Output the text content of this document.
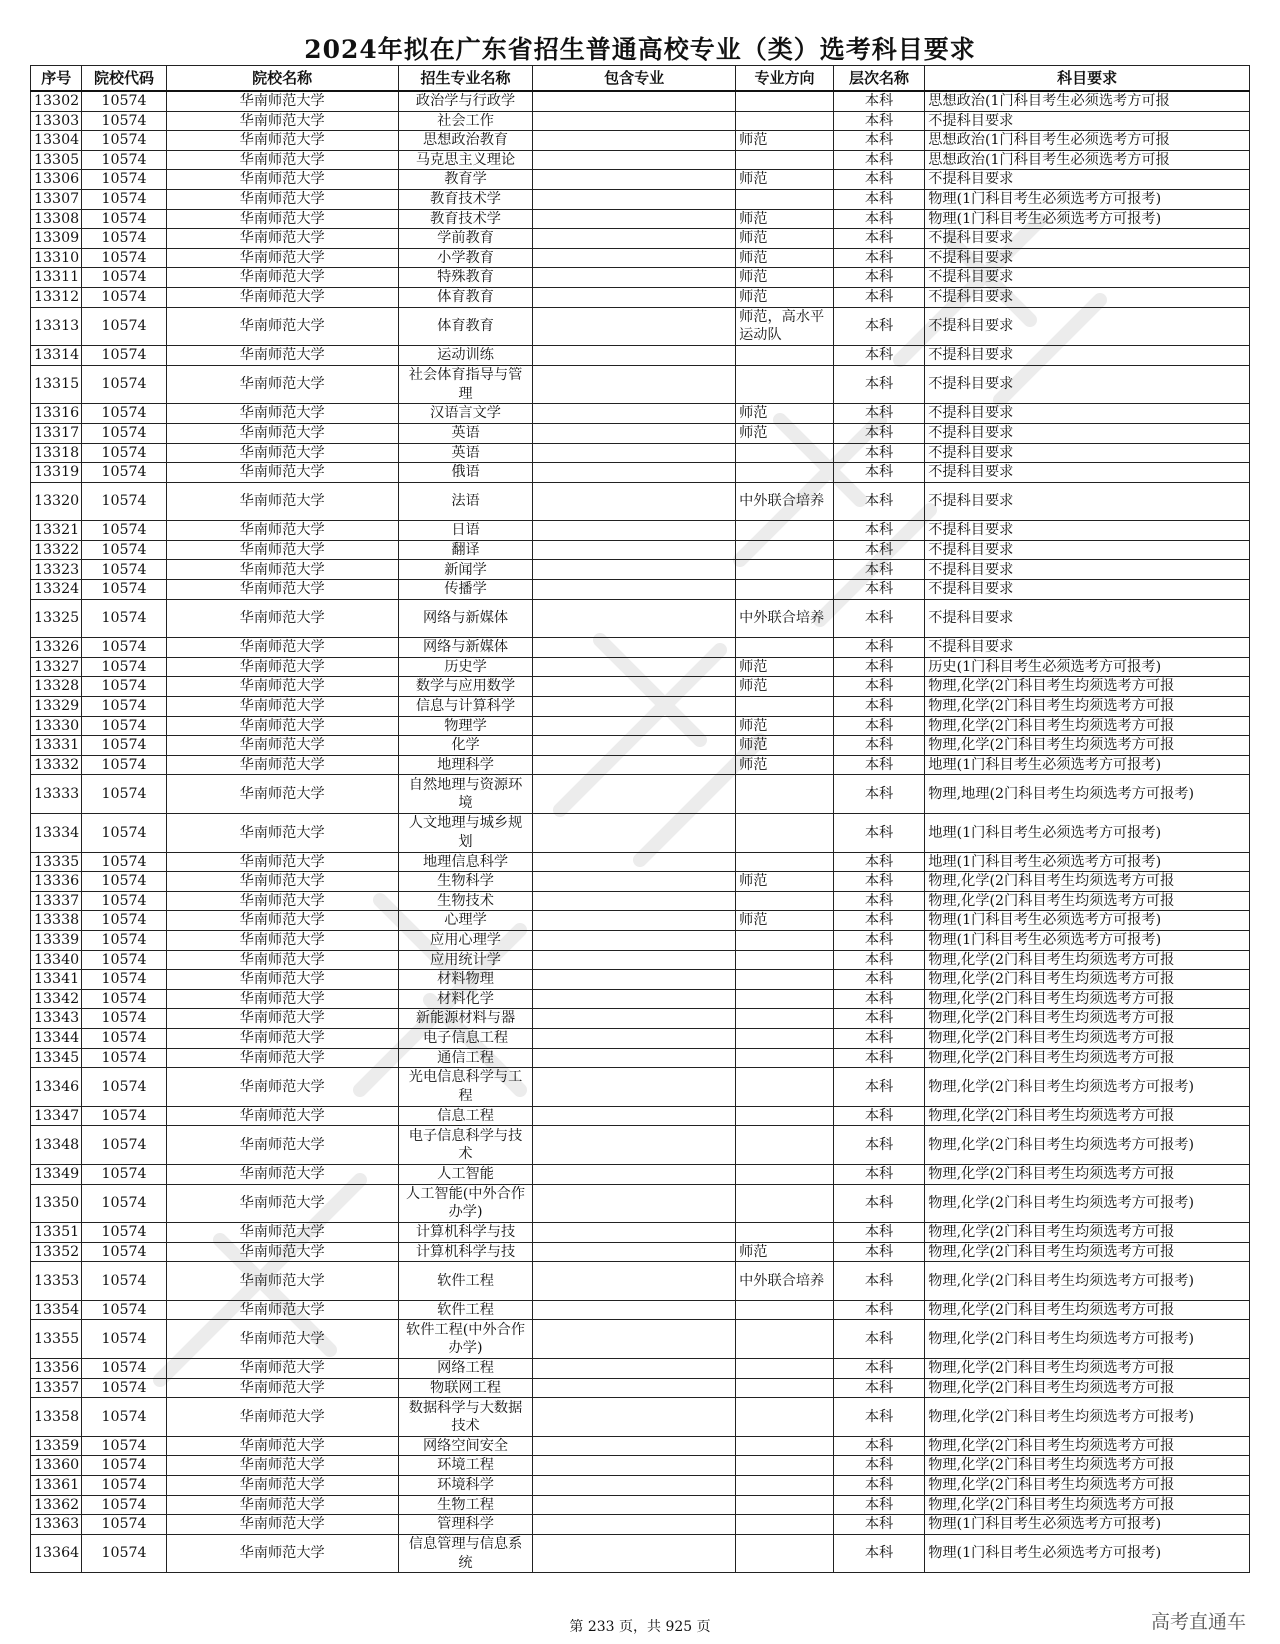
2024年拟在广东省招生普通高校专业（类）选考科目要求
序号	院校代码	院校名称	招生专业名称	包含专业	专业方向	层次名称	科目要求
13302	10574	华南师范大学	政治学与行政学			本科	思想政治(1门科目考生必须选考方可报
13303	10574	华南师范大学	社会工作			本科	不提科目要求
13304	10574	华南师范大学	思想政治教育		师范	本科	思想政治(1门科目考生必须选考方可报
13305	10574	华南师范大学	马克思主义理论			本科	思想政治(1门科目考生必须选考方可报
13306	10574	华南师范大学	教育学		师范	本科	不提科目要求
13307	10574	华南师范大学	教育技术学			本科	物理(1门科目考生必须选考方可报考)
13308	10574	华南师范大学	教育技术学		师范	本科	物理(1门科目考生必须选考方可报考)
13309	10574	华南师范大学	学前教育		师范	本科	不提科目要求
13310	10574	华南师范大学	小学教育		师范	本科	不提科目要求
13311	10574	华南师范大学	特殊教育		师范	本科	不提科目要求
13312	10574	华南师范大学	体育教育		师范	本科	不提科目要求
13313	10574	华南师范大学	体育教育		师范，高水平运动队	本科	不提科目要求
13314	10574	华南师范大学	运动训练			本科	不提科目要求
13315	10574	华南师范大学	社会体育指导与管理			本科	不提科目要求
13316	10574	华南师范大学	汉语言文学		师范	本科	不提科目要求
13317	10574	华南师范大学	英语		师范	本科	不提科目要求
13318	10574	华南师范大学	英语			本科	不提科目要求
13319	10574	华南师范大学	俄语			本科	不提科目要求
13320	10574	华南师范大学	法语		中外联合培养	本科	不提科目要求
13321	10574	华南师范大学	日语			本科	不提科目要求
13322	10574	华南师范大学	翻译			本科	不提科目要求
13323	10574	华南师范大学	新闻学			本科	不提科目要求
13324	10574	华南师范大学	传播学			本科	不提科目要求
13325	10574	华南师范大学	网络与新媒体		中外联合培养	本科	不提科目要求
13326	10574	华南师范大学	网络与新媒体			本科	不提科目要求
13327	10574	华南师范大学	历史学		师范	本科	历史(1门科目考生必须选考方可报考)
13328	10574	华南师范大学	数学与应用数学		师范	本科	物理,化学(2门科目考生均须选考方可报
13329	10574	华南师范大学	信息与计算科学			本科	物理,化学(2门科目考生均须选考方可报
13330	10574	华南师范大学	物理学		师范	本科	物理,化学(2门科目考生均须选考方可报
13331	10574	华南师范大学	化学		师范	本科	物理,化学(2门科目考生均须选考方可报
13332	10574	华南师范大学	地理科学		师范	本科	地理(1门科目考生必须选考方可报考)
13333	10574	华南师范大学	自然地理与资源环境			本科	物理,地理(2门科目考生均须选考方可报考)
13334	10574	华南师范大学	人文地理与城乡规划			本科	地理(1门科目考生必须选考方可报考)
13335	10574	华南师范大学	地理信息科学			本科	地理(1门科目考生必须选考方可报考)
13336	10574	华南师范大学	生物科学		师范	本科	物理,化学(2门科目考生均须选考方可报
13337	10574	华南师范大学	生物技术			本科	物理,化学(2门科目考生均须选考方可报
13338	10574	华南师范大学	心理学		师范	本科	物理(1门科目考生必须选考方可报考)
13339	10574	华南师范大学	应用心理学			本科	物理(1门科目考生必须选考方可报考)
13340	10574	华南师范大学	应用统计学			本科	物理,化学(2门科目考生均须选考方可报
13341	10574	华南师范大学	材料物理			本科	物理,化学(2门科目考生均须选考方可报
13342	10574	华南师范大学	材料化学			本科	物理,化学(2门科目考生均须选考方可报
13343	10574	华南师范大学	新能源材料与器			本科	物理,化学(2门科目考生均须选考方可报
13344	10574	华南师范大学	电子信息工程			本科	物理,化学(2门科目考生均须选考方可报
13345	10574	华南师范大学	通信工程			本科	物理,化学(2门科目考生均须选考方可报
13346	10574	华南师范大学	光电信息科学与工程			本科	物理,化学(2门科目考生均须选考方可报考)
13347	10574	华南师范大学	信息工程			本科	物理,化学(2门科目考生均须选考方可报
13348	10574	华南师范大学	电子信息科学与技术			本科	物理,化学(2门科目考生均须选考方可报考)
13349	10574	华南师范大学	人工智能			本科	物理,化学(2门科目考生均须选考方可报
13350	10574	华南师范大学	人工智能(中外合作办学)			本科	物理,化学(2门科目考生均须选考方可报考)
13351	10574	华南师范大学	计算机科学与技			本科	物理,化学(2门科目考生均须选考方可报
13352	10574	华南师范大学	计算机科学与技		师范	本科	物理,化学(2门科目考生均须选考方可报
13353	10574	华南师范大学	软件工程		中外联合培养	本科	物理,化学(2门科目考生均须选考方可报考)
13354	10574	华南师范大学	软件工程			本科	物理,化学(2门科目考生均须选考方可报
13355	10574	华南师范大学	软件工程(中外合作办学)			本科	物理,化学(2门科目考生均须选考方可报考)
13356	10574	华南师范大学	网络工程			本科	物理,化学(2门科目考生均须选考方可报
13357	10574	华南师范大学	物联网工程			本科	物理,化学(2门科目考生均须选考方可报
13358	10574	华南师范大学	数据科学与大数据技术			本科	物理,化学(2门科目考生均须选考方可报考)
13359	10574	华南师范大学	网络空间安全			本科	物理,化学(2门科目考生均须选考方可报
13360	10574	华南师范大学	环境工程			本科	物理,化学(2门科目考生均须选考方可报
13361	10574	华南师范大学	环境科学			本科	物理,化学(2门科目考生均须选考方可报
13362	10574	华南师范大学	生物工程			本科	物理,化学(2门科目考生均须选考方可报
13363	10574	华南师范大学	管理科学			本科	物理(1门科目考生必须选考方可报考)
13364	10574	华南师范大学	信息管理与信息系统			本科	物理(1门科目考生必须选考方可报考)
第 233 页，共 925 页	高考直通车
